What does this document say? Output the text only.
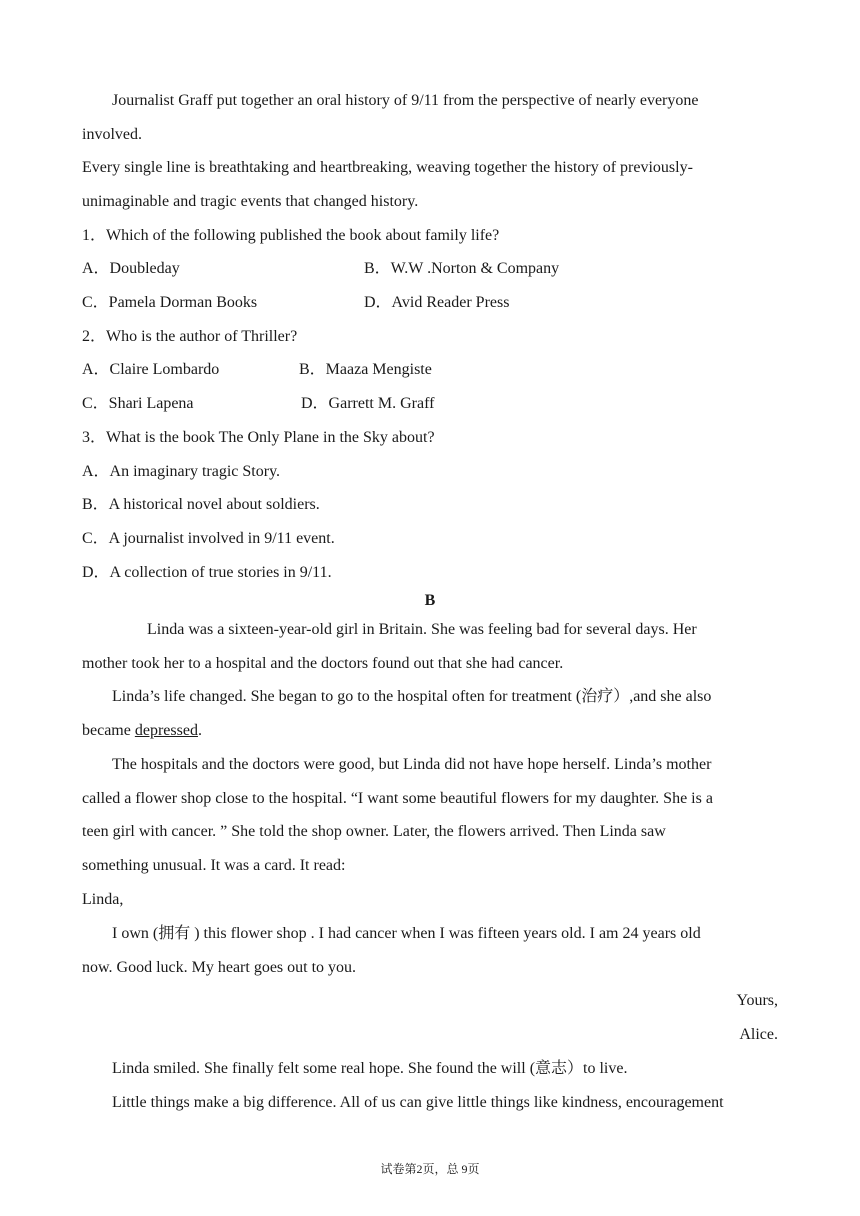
Journalist Graff put together an oral history of 9/11 from the perspective of nearly everyone
involved.
Every single line is breathtaking and heartbreaking, weaving together the history of previously-
unimaginable and tragic events that changed history.
1．Which of the following published the book about family life?
A．Doubleday	B．W.W .Norton & Company
C．Pamela Dorman Books	D．Avid Reader Press
2．Who is the author of Thriller?
A．Claire Lombardo	B．Maaza Mengiste
C．Shari Lapena	D．Garrett M. Graff
3．What is the book The Only Plane in the Sky about?
A．An imaginary tragic Story.
B．A historical novel about soldiers.
C．A journalist involved in 9/11 event.
D．A collection of true stories in 9/11.
B
Linda was a sixteen-year-old girl in Britain. She was feeling bad for several days. Her
mother took her to a hospital and the doctors found out that she had cancer.
Linda’s life changed. She began to go to the hospital often for treatment (治疗）,and she also
became depressed.
The hospitals and the doctors were good, but Linda did not have hope herself. Linda’s mother
called a flower shop close to the hospital. “I want some beautiful flowers for my daughter. She is a
teen girl with cancer. ” She told the shop owner. Later, the flowers arrived. Then Linda saw
something unusual. It was a card. It read:
Linda,
I own (拥有 ) this flower shop . I had cancer when I was fifteen years old. I am 24 years old
now. Good luck. My heart goes out to you.
Yours,
Alice.
Linda smiled. She finally felt some real hope. She found the will (意志）to live.
Little things make a big difference. All of us can give little things like kindness, encouragement
试卷第2页，总 9页
